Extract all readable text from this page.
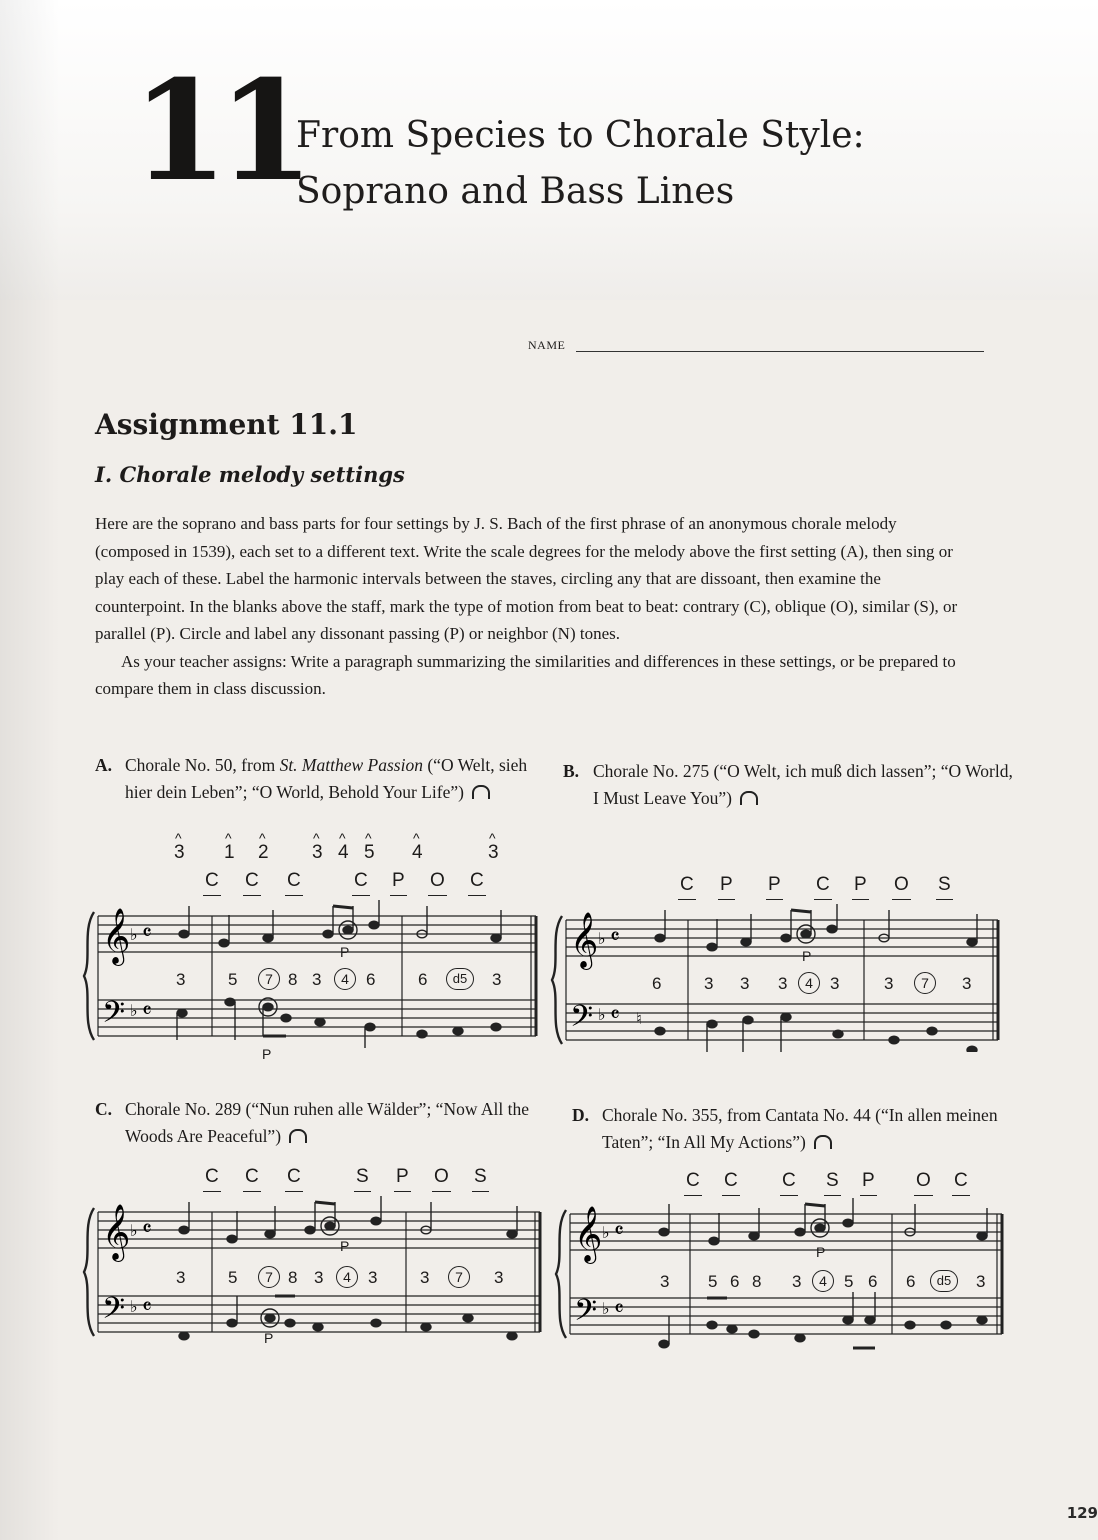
11
From Species to Chorale Style:
Soprano and Bass Lines
NAME
Assignment 11.1
I. Chorale melody settings

Here are the soprano and bass parts for four settings by J. S. Bach of the first phrase of an anonymous chorale melody (composed in 1539), each set to a different text. Write the scale degrees for the melody above the first setting (A), then sing or play each of these. Label the harmonic intervals between the staves, circling any that are dissoant, then examine the counterpoint. In the blanks above the staff, mark the type of motion from beat to beat: contrary (C), oblique (O), similar (S), or parallel (P). Circle and label any dissonant passing (P) or neighbor (N) tones.

As your teacher assigns: Write a paragraph summarizing the similarities and differences in these settings, or be prepared to compare them in class discussion.

A. Chorale No. 50, from St. Matthew Passion (“O Welt, sieh hier dein Leben”; “O World, Behold Your Life”)
B. Chorale No. 275 (“O Welt, ich muß dich lassen”; “O World, I Must Leave You”)
C. Chorale No. 289 (“Nun ruhen alle Wälder”; “Now All the Woods Are Peaceful”)
D. Chorale No. 355, from Cantata No. 44 (“In allen meinen Taten”; “In All My Actions”)
^ 3 ^ 1 ^ 2 ^ 3 ^ 4 ^ 5 ^ 4	^ 3
C C C	C P O C	C P P C P O S
C C C	S P O S	C C C S P O C
𝄞
𝄢
♭
♭
𝄴
𝄴
3	5	7 8 3	4	6	6	d5	3
P
P
𝄞
𝄢
♭
♭
𝄴
𝄴 ♮
6	3 3 3	4	3	3	7	3
P
𝄞
𝄢
♭
♭
𝄴
𝄴
3	5	7 8 3	4	3	3	7	3
P
P
𝄞
𝄢
♭
♭
𝄴
𝄴
3 5 6 8 3	4	5 6 6	d5	3
P
129
